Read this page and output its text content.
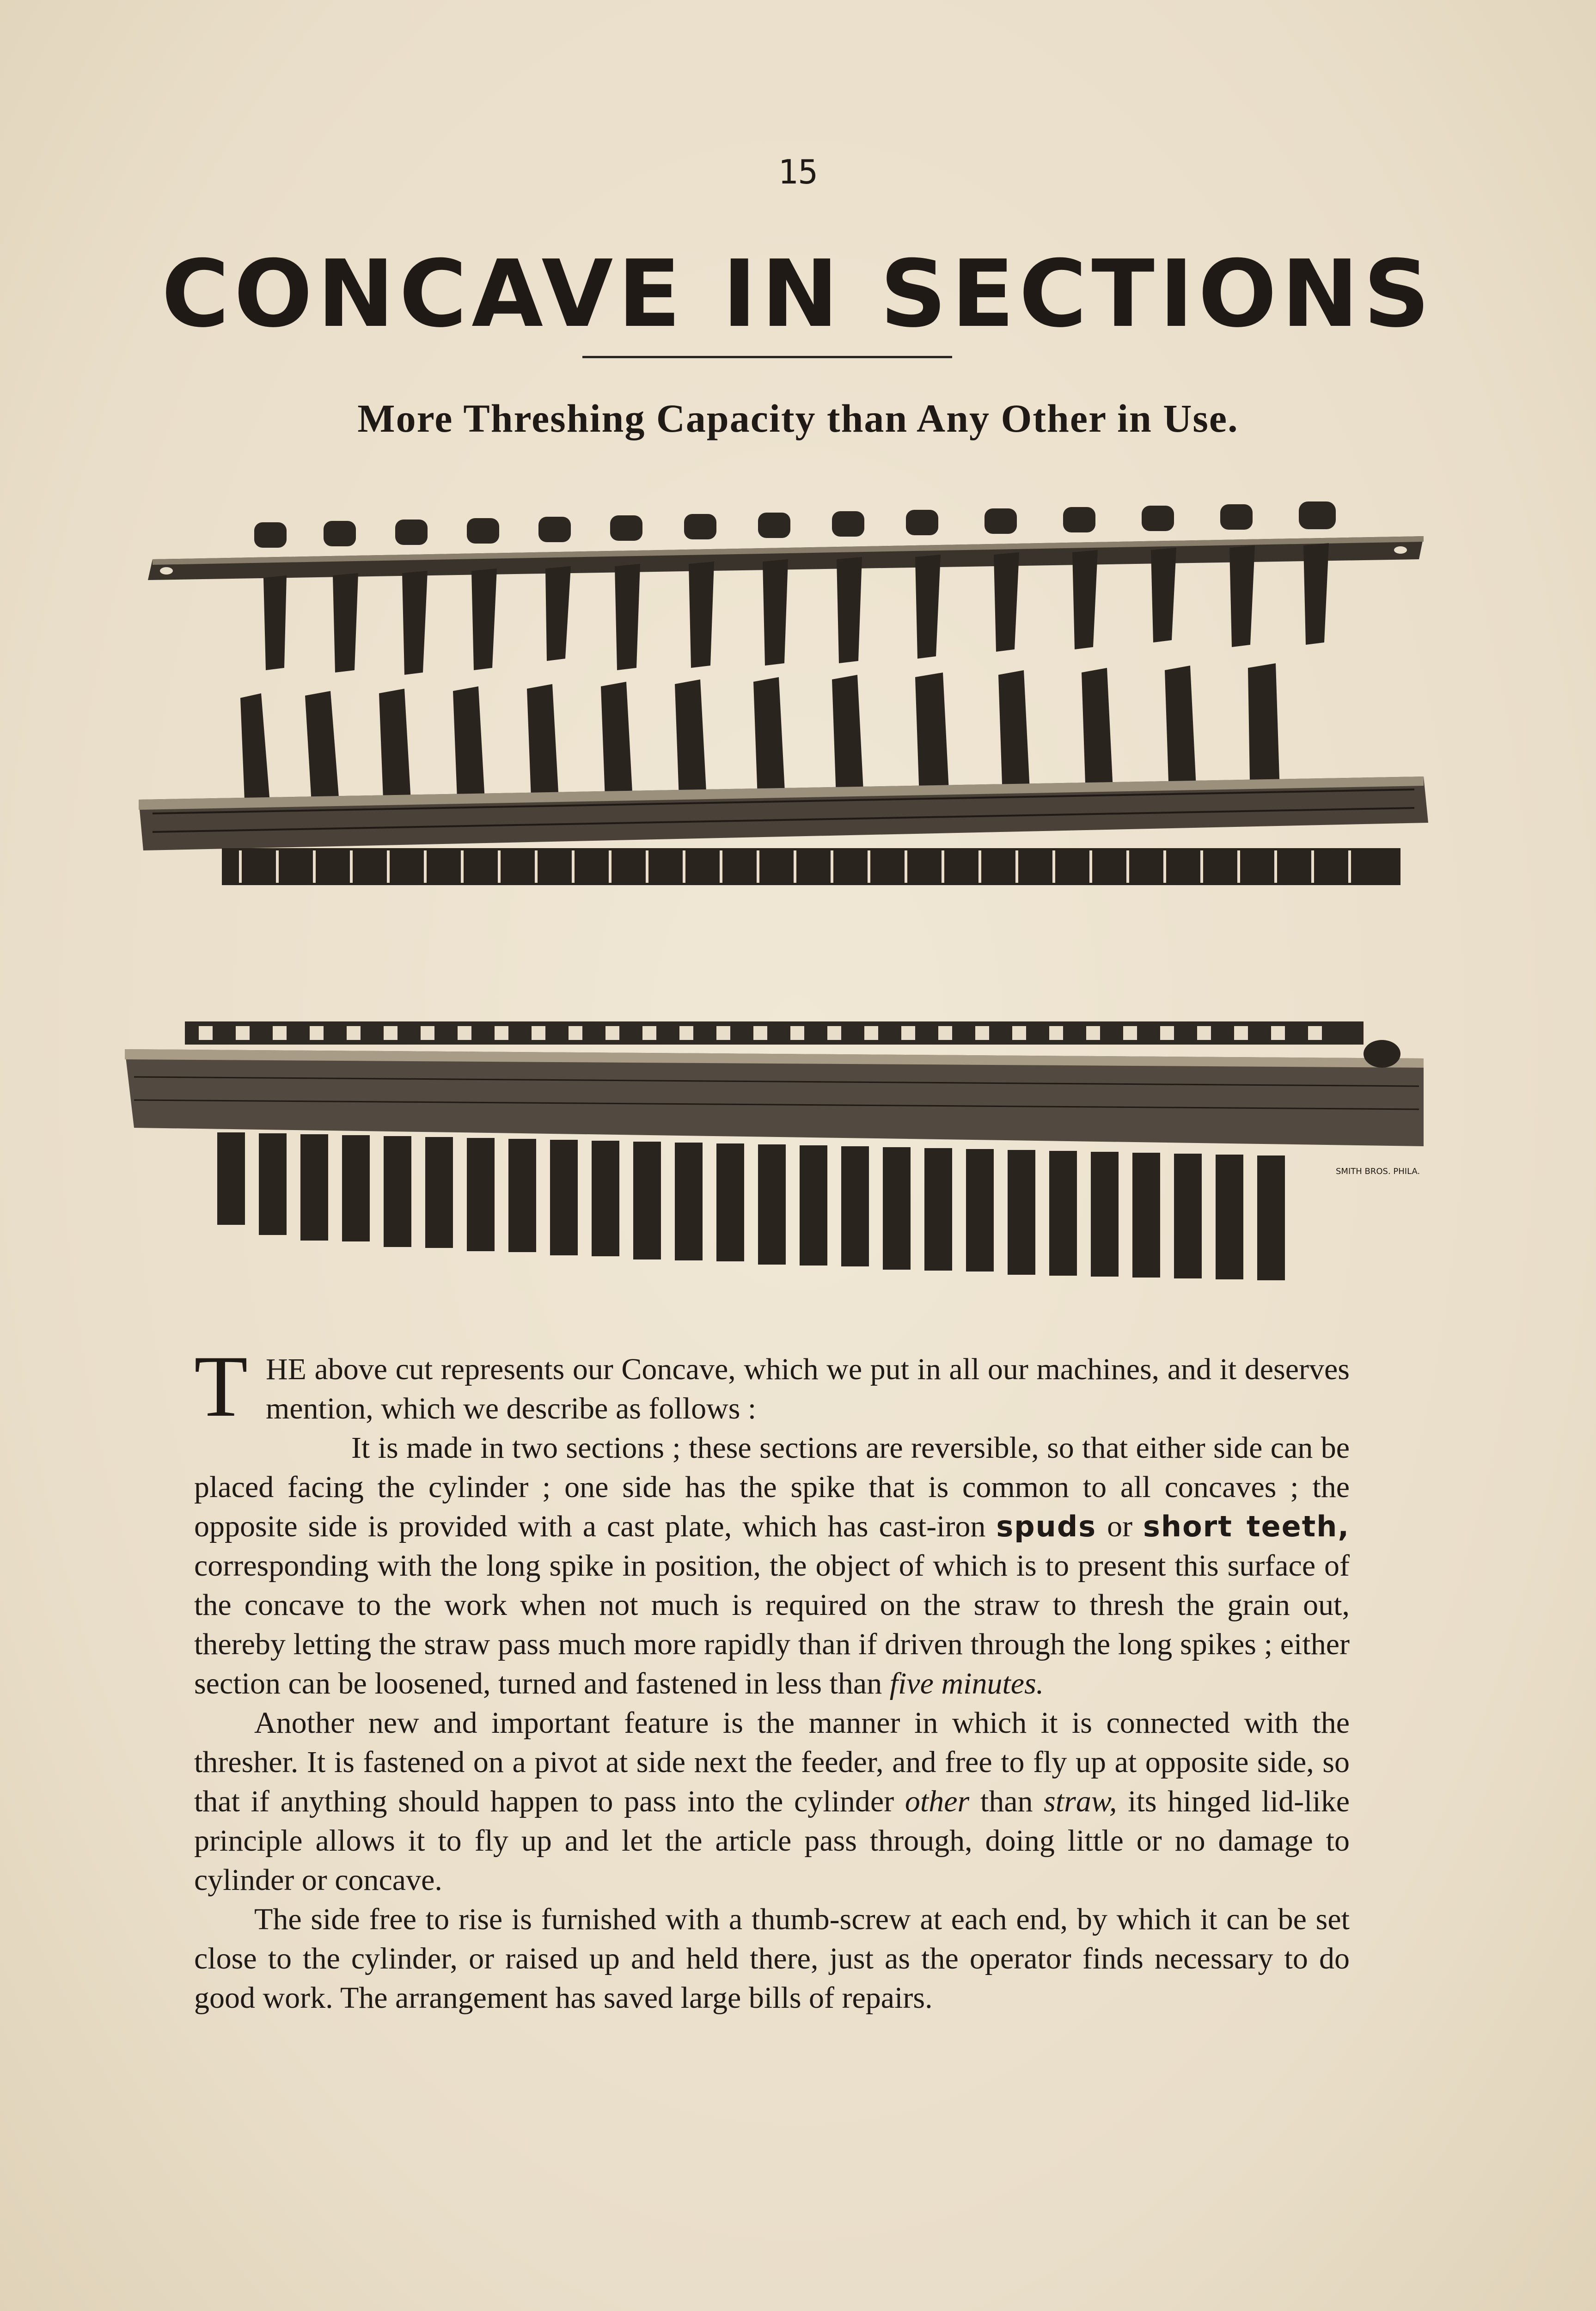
15
CONCAVE IN SECTIONS
More Threshing Capacity than Any Other in Use.
SMITH BROS. PHILA.

T HE above cut represents our Concave, which we put in all our machines, and it deserves mention, which we describe as follows :

It is made in two sections ; these sections are reversible, so that either side can be placed facing the cylinder ; one side has the spike that is common to all concaves ; the opposite side is provided with a cast plate, which has cast-iron spuds or short teeth, corresponding with the long spike in position, the object of which is to present this surface of the concave to the work when not much is required on the straw to thresh the grain out, thereby letting the straw pass much more rapidly than if driven through the long spikes ; either section can be loosened, turned and fastened in less than five minutes.

Another new and important feature is the manner in which it is connected with the thresher. It is fastened on a pivot at side next the feeder, and free to fly up at opposite side, so that if anything should happen to pass into the cylinder other than straw, its hinged lid-like principle allows it to fly up and let the article pass through, doing little or no damage to cylinder or concave.

The side free to rise is furnished with a thumb-screw at each end, by which it can be set close to the cylinder, or raised up and held there, just as the operator finds necessary to do good work. The arrangement has saved large bills of repairs.
